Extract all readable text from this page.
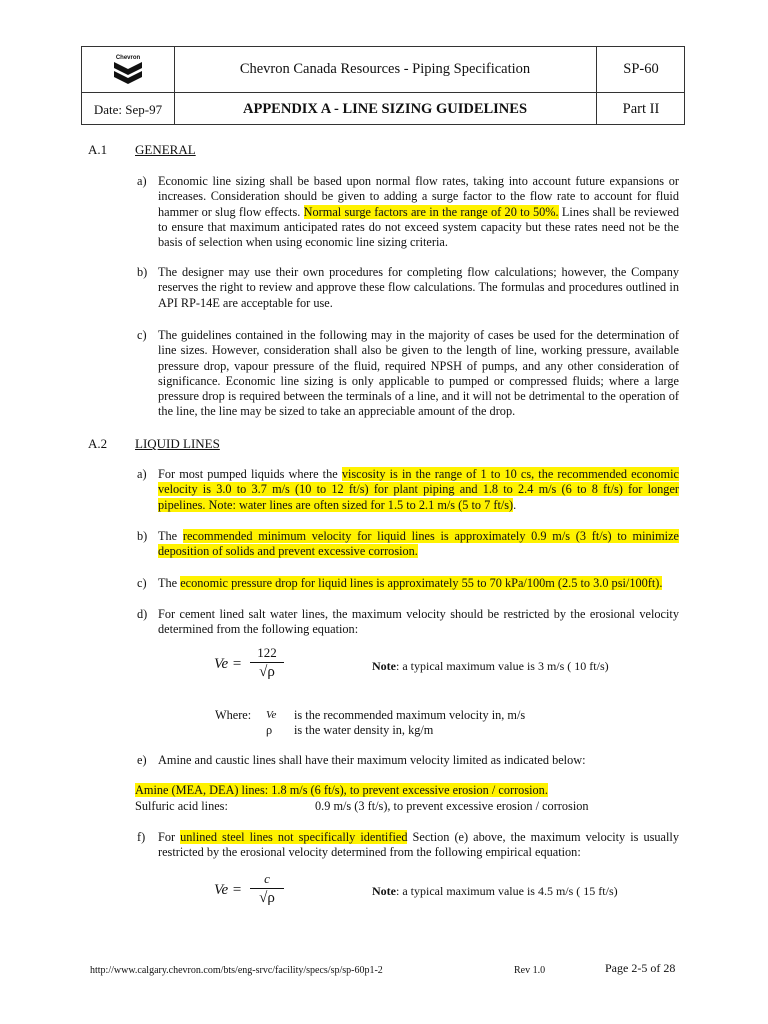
Chevron
Chevron Canada Resources - Piping Specification	SP-60
Date: Sep-97	APPENDIX A - LINE SIZING GUIDELINES	Part II
A.1 GENERAL
a) Economic line sizing shall be based upon normal flow rates, taking into account future expansions or increases. Consideration should be given to adding a surge factor to the flow rate to account for fluid hammer or slug flow effects. Normal surge factors are in the range of 20 to 50%. Lines shall be reviewed to ensure that maximum anticipated rates do not exceed system capacity but these rates need not be the basis of selection when using economic line sizing criteria.

b) The designer may use their own procedures for completing flow calculations; however, the Company reserves the right to review and approve these flow calculations. The formulas and procedures outlined in API RP-14E are acceptable for use.

c) The guidelines contained in the following may in the majority of cases be used for the determination of line sizes. However, consideration shall also be given to the length of line, working pressure, available pressure drop, vapour pressure of the fluid, required NPSH of pumps, and any other consideration of significance. Economic line sizing is only applicable to pumped or compressed fluids; where a large pressure drop is required between the terminals of a line, and it will not be detrimental to the operation of the line, the line may be sized to take an appreciable amount of the drop.

A.2 LIQUID LINES
a) For most pumped liquids where the viscosity is in the range of 1 to 10 cs, the recommended economic velocity is 3.0 to 3.7 m/s (10 to 12 ft/s) for plant piping and 1.8 to 2.4 m/s (6 to 8 ft/s) for longer pipelines. Note: water lines are often sized for 1.5 to 2.1 m/s (5 to 7 ft/s).

b) The recommended minimum velocity for liquid lines is approximately 0.9 m/s (3 ft/s) to minimize deposition of solids and prevent excessive corrosion.

c) The economic pressure drop for liquid lines is approximately 55 to 70 kPa/100m (2.5 to 3.0 psi/100ft).

d) For cement lined salt water lines, the maximum velocity should be restricted by the erosional velocity determined from the following equation:

Ve =
122
√ρ	Note: a typical maximum value is 3 m/s ( 10 ft/s)
Where: Ve is the recommended maximum velocity in, m/s
ρ is the water density in, kg/m
e) Amine and caustic lines shall have their maximum velocity limited as indicated below:

Amine (MEA, DEA) lines: 1.8 m/s (6 ft/s), to prevent excessive erosion / corrosion.
Sulfuric acid lines:	0.9 m/s (3 ft/s), to prevent excessive erosion / corrosion
f) For unlined steel lines not specifically identified Section (e) above, the maximum velocity is usually restricted by the erosional velocity determined from the following empirical equation:

Ve =
c
√ρ	Note: a typical maximum value is 4.5 m/s ( 15 ft/s)
http://www.calgary.chevron.com/bts/eng-srvc/facility/specs/sp/sp-60p1-2	Rev 1.0	Page 2-5 of 28
